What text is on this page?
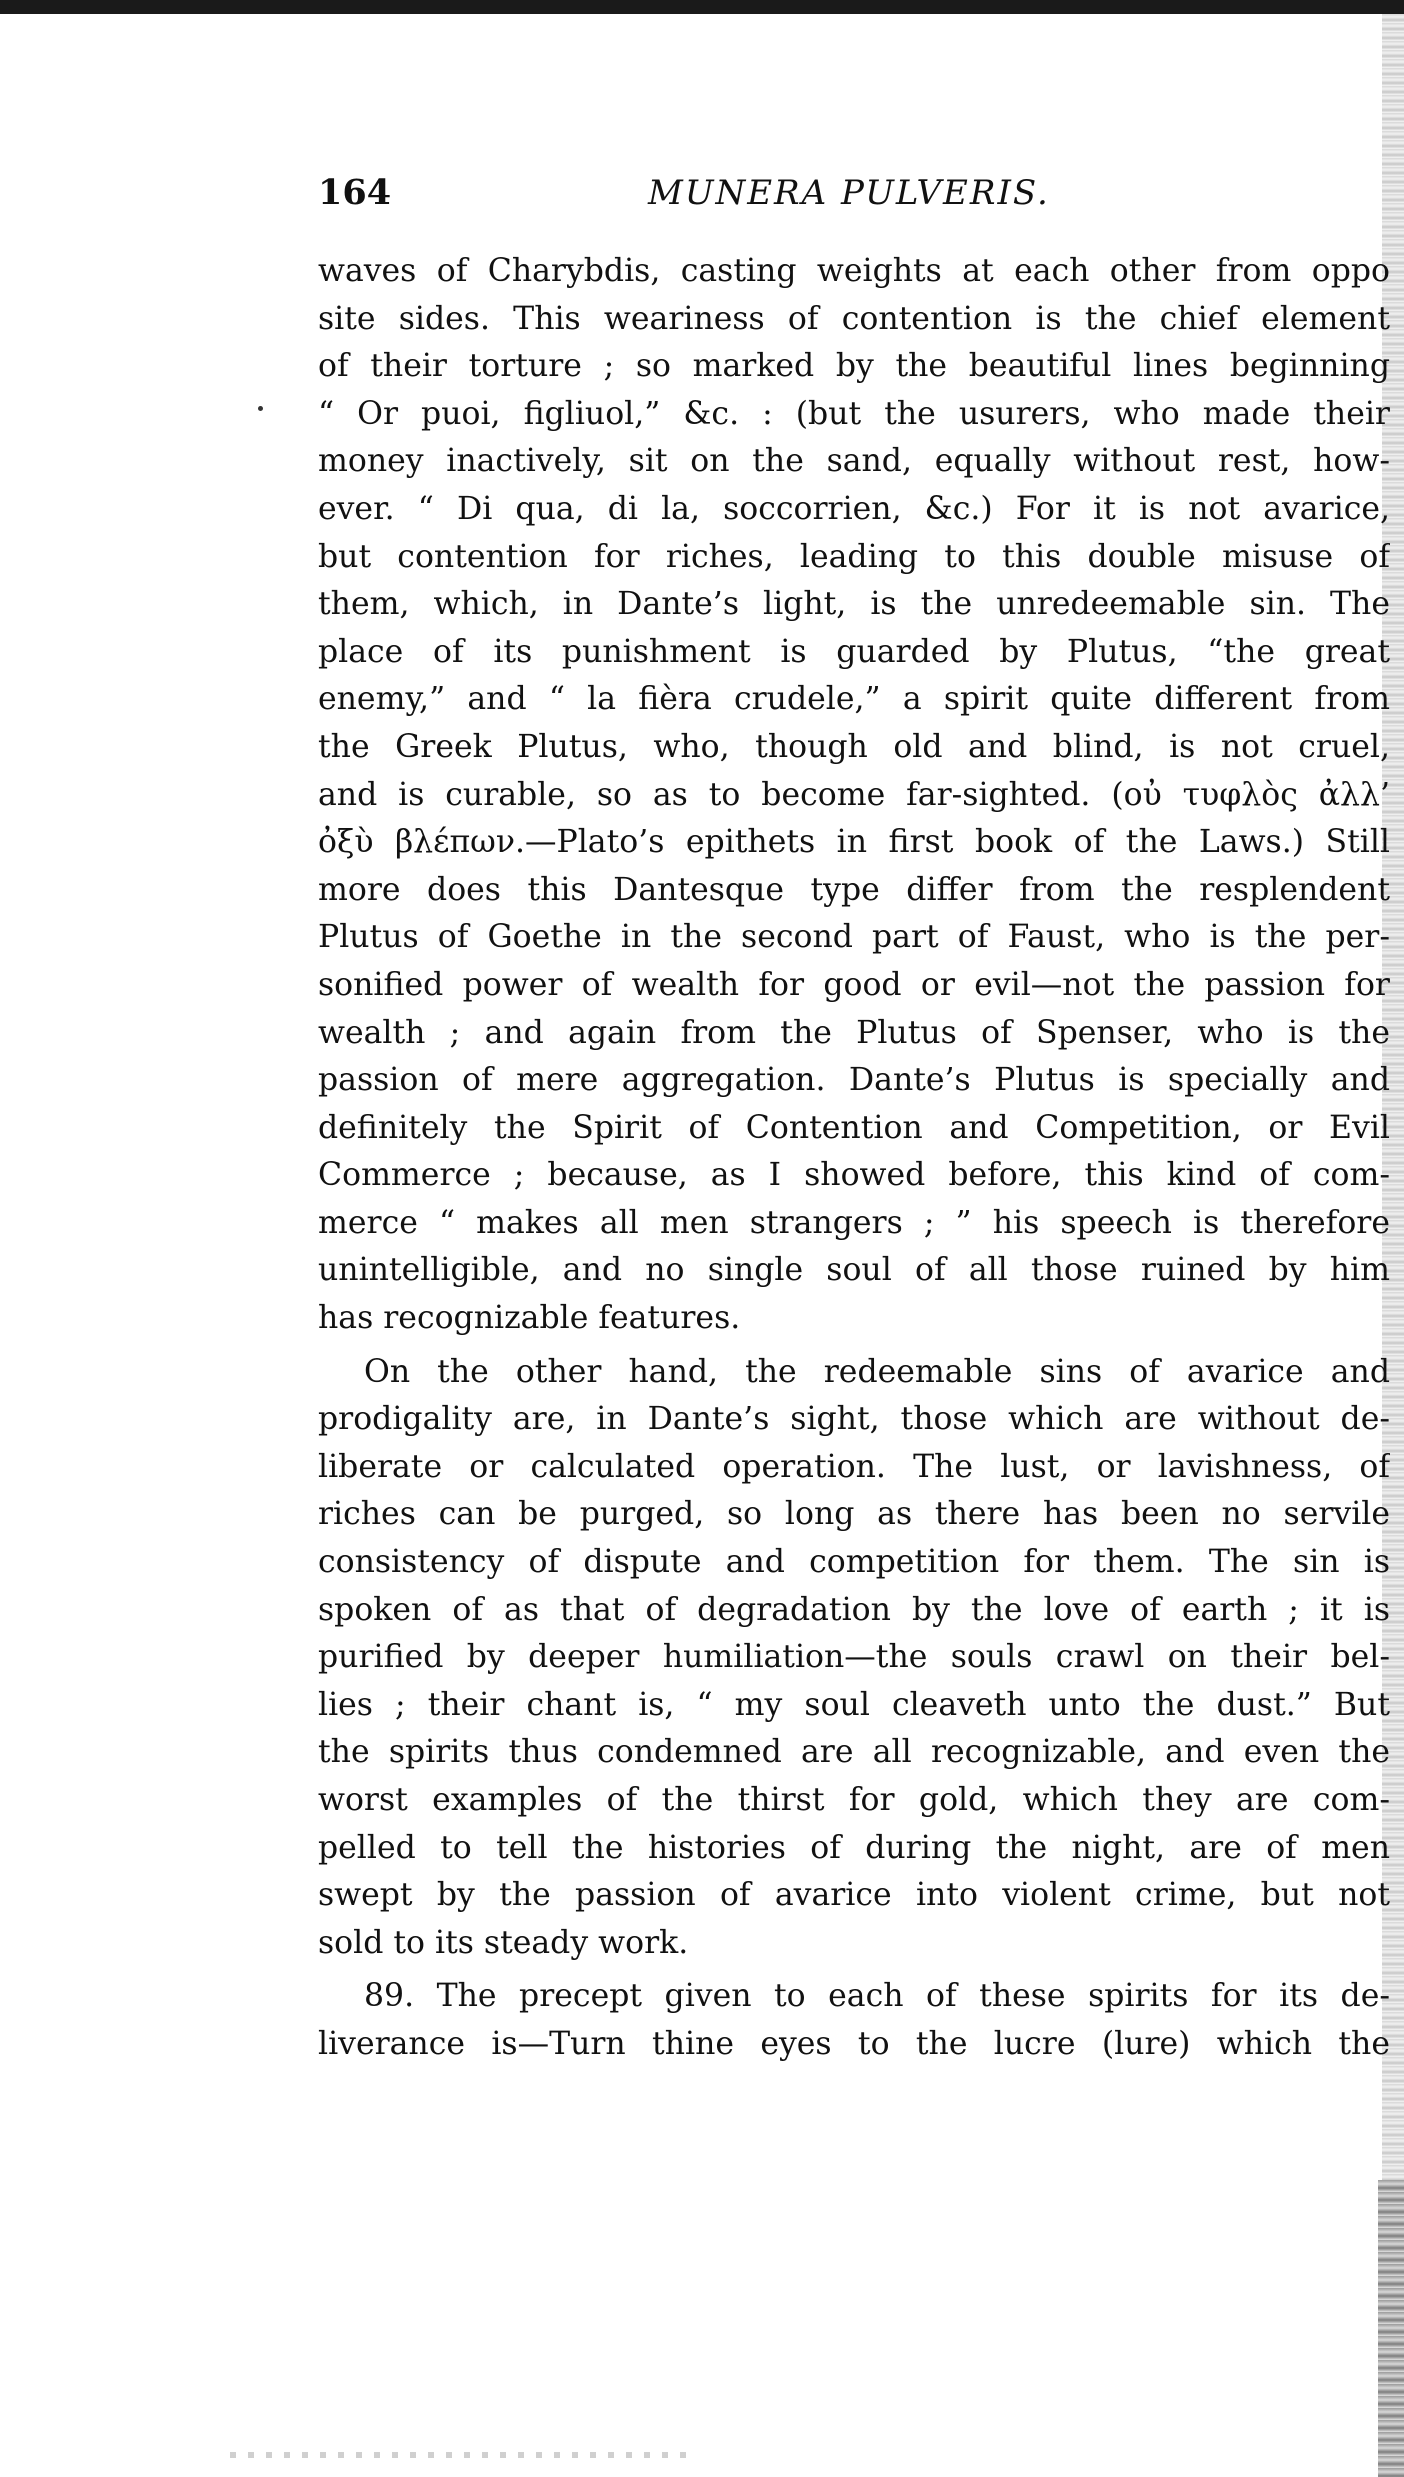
164	MUNERA PULVERIS.
waves of Charybdis, casting weights at each other from oppo
site sides. This weariness of contention is the chief element
of their torture ; so marked by the beautiful lines beginning
“ Or puoi, figliuol,” &c. : (but the usurers, who made their
money inactively, sit on the sand, equally without rest, how-
ever. “ Di qua, di la, soccorrien, &c.) For it is not avarice,
but contention for riches, leading to this double misuse of
them, which, in Dante’s light, is the unredeemable sin. The
place of its punishment is guarded by Plutus, “the great
enemy,” and “ la fièra crudele,” a spirit quite different from
the Greek Plutus, who, though old and blind, is not cruel,
and is curable, so as to become far-sighted. (οὐ τυφλὸς ἀλλ’
ὀξὺ βλέπων.—Plato’s epithets in first book of the Laws.) Still
more does this Dantesque type differ from the resplendent
Plutus of Goethe in the second part of Faust, who is the per-
sonified power of wealth for good or evil—not the passion for
wealth ; and again from the Plutus of Spenser, who is the
passion of mere aggregation. Dante’s Plutus is specially and
definitely the Spirit of Contention and Competition, or Evil
Commerce ; because, as I showed before, this kind of com-
merce “ makes all men strangers ; ” his speech is therefore
unintelligible, and no single soul of all those ruined by him
has recognizable features.
On the other hand, the redeemable sins of avarice and
prodigality are, in Dante’s sight, those which are without de-
liberate or calculated operation. The lust, or lavishness, of
riches can be purged, so long as there has been no servile
consistency of dispute and competition for them. The sin is
spoken of as that of degradation by the love of earth ; it is
purified by deeper humiliation—the souls crawl on their bel-
lies ; their chant is, “ my soul cleaveth unto the dust.” But
the spirits thus condemned are all recognizable, and even the
worst examples of the thirst for gold, which they are com-
pelled to tell the histories of during the night, are of men
swept by the passion of avarice into violent crime, but not
sold to its steady work.
89. The precept given to each of these spirits for its de-
liverance is—Turn thine eyes to the lucre (lure) which the
